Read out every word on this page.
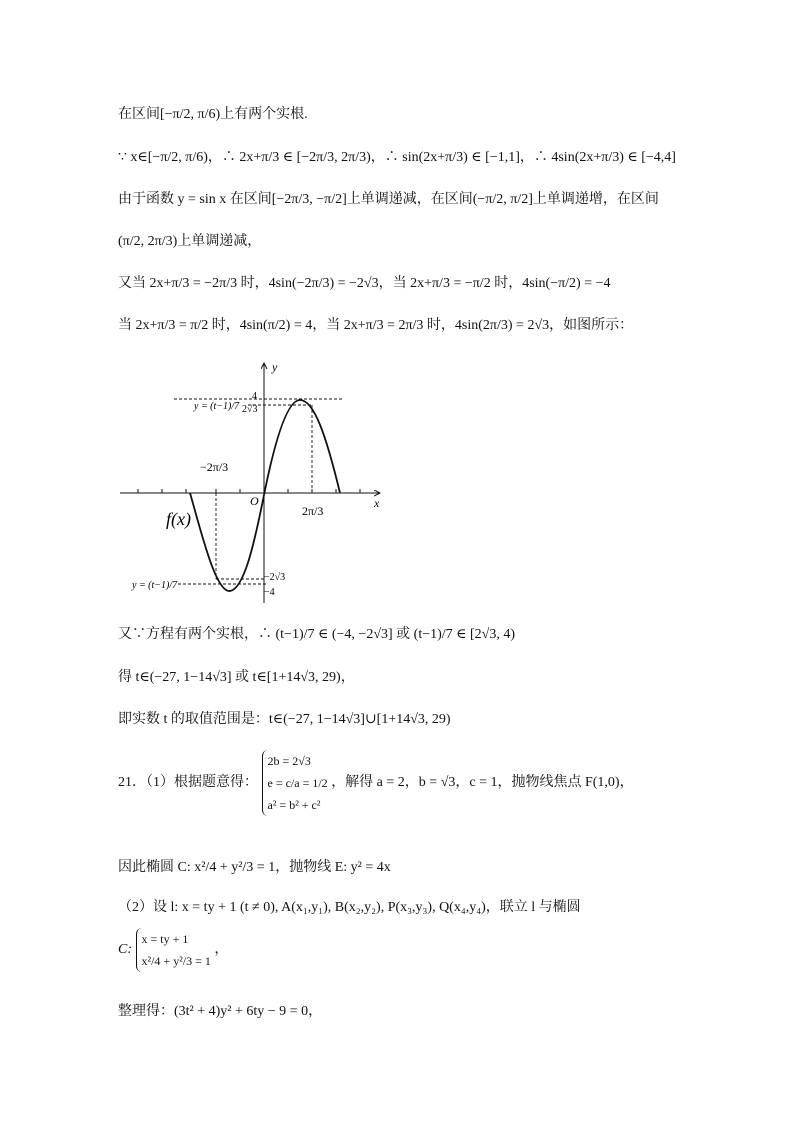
在区间[−π/2, π/6)上有两个实根.
∵ x∈[−π/2, π/6)，∴ 2x+π/3 ∈ [−2π/3, 2π/3)，∴ sin(2x+π/3) ∈ [−1,1]，∴ 4sin(2x+π/3) ∈ [−4,4]
由于函数 y = sin x 在区间[−2π/3, −π/2]上单调递减，在区间(−π/2, π/2]上单调递增，在区间
(π/2, 2π/3)上单调递减，
又当 2x+π/3 = −2π/3 时，4sin(−2π/3) = −2√3，当 2x+π/3 = −π/2 时，4sin(−π/2) = −4
当 2x+π/3 = π/2 时，4sin(π/2) = 4，当 2x+π/3 = 2π/3 时，4sin(2π/3) = 2√3，如图所示：
y
x
O
f(x)
y = (t−1)/7
y = (t−1)/7
4
2√3
−2√3
−4
−2π/3
2π/3
又∵方程有两个实根，∴ (t−1)/7 ∈ (−4, −2√3] 或 (t−1)/7 ∈ [2√3, 4)
得 t∈(−27, 1−14√3] 或 t∈[1+14√3, 29)，
即实数 t 的取值范围是：t∈(−27, 1−14√3]∪[1+14√3, 29)
21．（1）根据题意得：
2b = 2√3
e = c/a = 1/2
a² = b² + c²
，解得 a = 2，b = √3，c = 1，抛物线焦点 F(1,0)，
因此椭圆 C: x²/4 + y²/3 = 1，抛物线 E: y² = 4x
（2）设 l: x = ty + 1 (t ≠ 0), A(x₁,y₁), B(x₂,y₂), P(x₃,y₃), Q(x₄,y₄)，联立 l 与椭圆
C:
x = ty + 1
x²/4 + y²/3 = 1
，
整理得：(3t² + 4)y² + 6ty − 9 = 0，
